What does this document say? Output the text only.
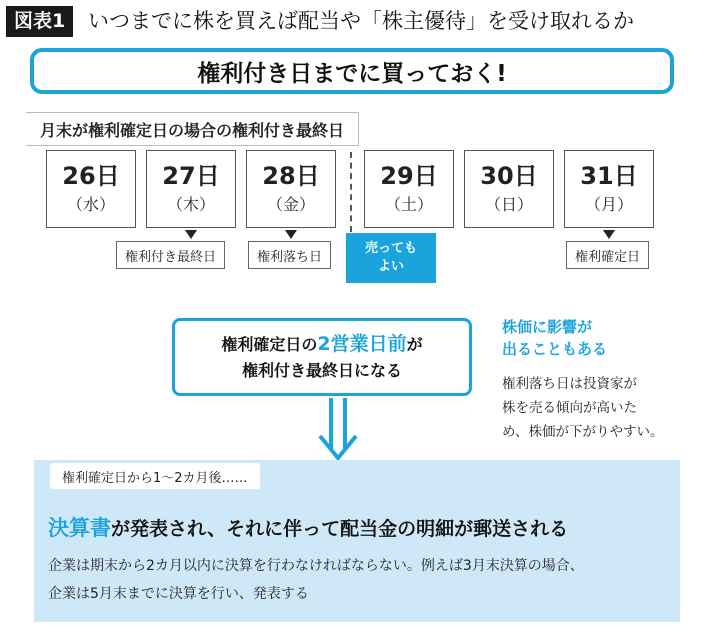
図表1	いつまでに株を買えば配当や「株主優待」を受け取れるか
権利付き日までに買っておく!
月末が権利確定日の場合の権利付き最終日
26日
（水）
27日
（木）
28日
（金）
29日
（土）
30日
（日）
31日
（月）
権利付き最終日	権利落ち日
売っても
よい
権利確定日
権利確定日の2営業日前が
権利付き最終日になる
株価に影響が
出ることもある
権利落ち日は投資家が
株を売る傾向が高いた
め、株価が下がりやすい。
権利確定日から1～2カ月後……
決算書が発表され、それに伴って配当金の明細が郵送される
企業は期末から2カ月以内に決算を行わなければならない。例えば3月末決算の場合、
企業は5月末までに決算を行い、発表する
